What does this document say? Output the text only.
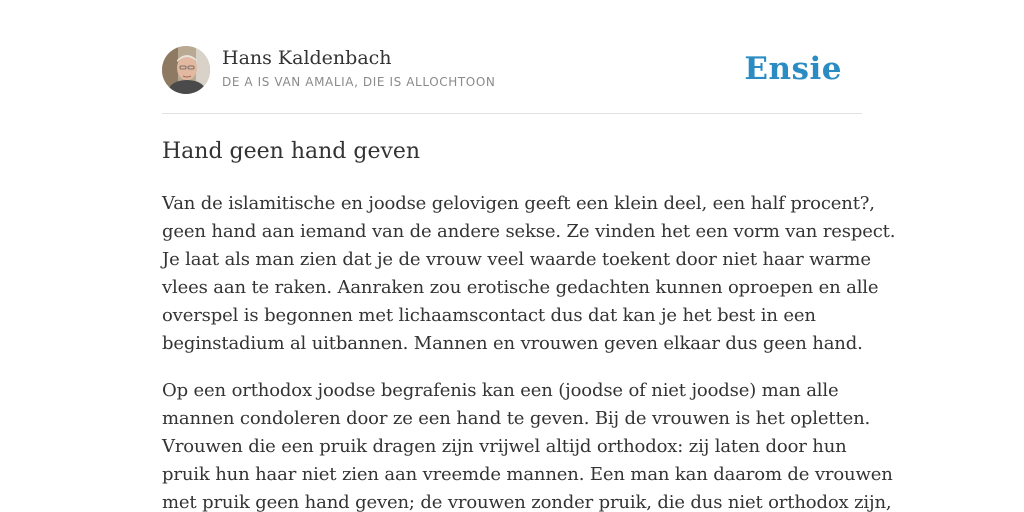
Hans Kaldenbach
DE A IS VAN AMALIA, DIE IS ALLOCHTOON	Ensie
Hand geen hand geven
Van de islamitische en joodse gelovigen geeft een klein deel, een half procent?,
geen hand aan iemand van de andere sekse. Ze vinden het een vorm van respect.
Je laat als man zien dat je de vrouw veel waarde toekent door niet haar warme
vlees aan te raken. Aanraken zou erotische gedachten kunnen oproepen en alle
overspel is begonnen met lichaamscontact dus dat kan je het best in een
beginstadium al uitbannen. Mannen en vrouwen geven elkaar dus geen hand.
Op een orthodox joodse begrafenis kan een (joodse of niet joodse) man alle
mannen condoleren door ze een hand te geven. Bij de vrouwen is het opletten.
Vrouwen die een pruik dragen zijn vrijwel altijd orthodox: zij laten door hun
pruik hun haar niet zien aan vreemde mannen. Een man kan daarom de vrouwen
met pruik geen hand geven; de vrouwen zonder pruik, die dus niet orthodox zijn,
